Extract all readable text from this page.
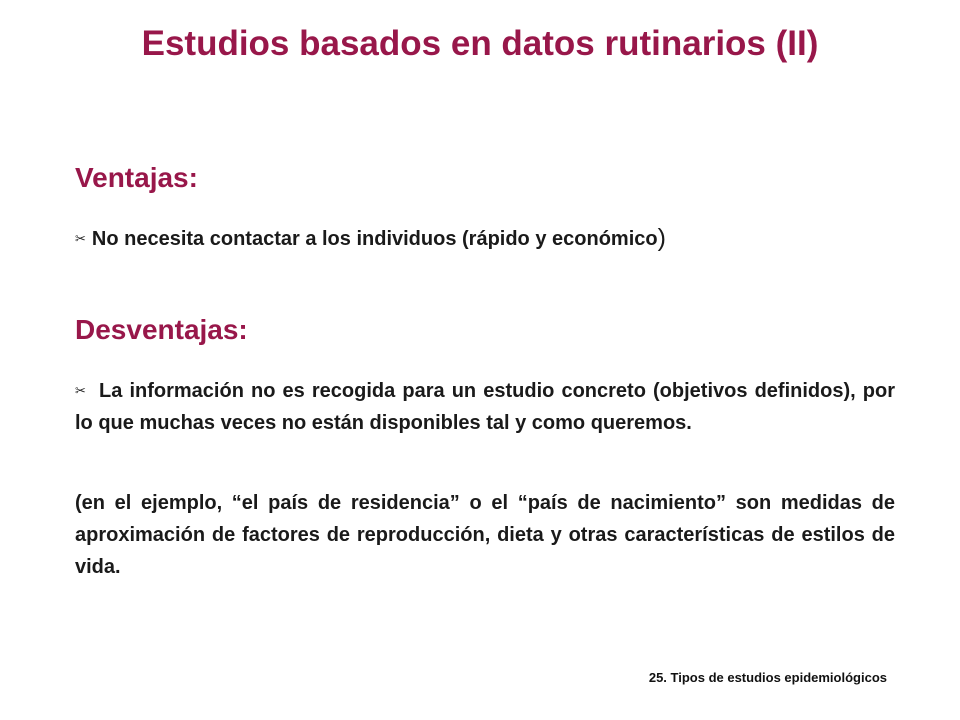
Estudios basados en datos rutinarios (II)
Ventajas:
✂ No necesita contactar a los individuos (rápido y económico)
Desventajas:
✂ La información no es recogida para un estudio concreto (objetivos definidos), por lo que muchas veces no están disponibles tal y como queremos.
(en el ejemplo, “el país de residencia” o el “país de nacimiento” son medidas de aproximación de factores de reproducción, dieta y otras características de estilos de vida.
25. Tipos de estudios epidemiológicos
